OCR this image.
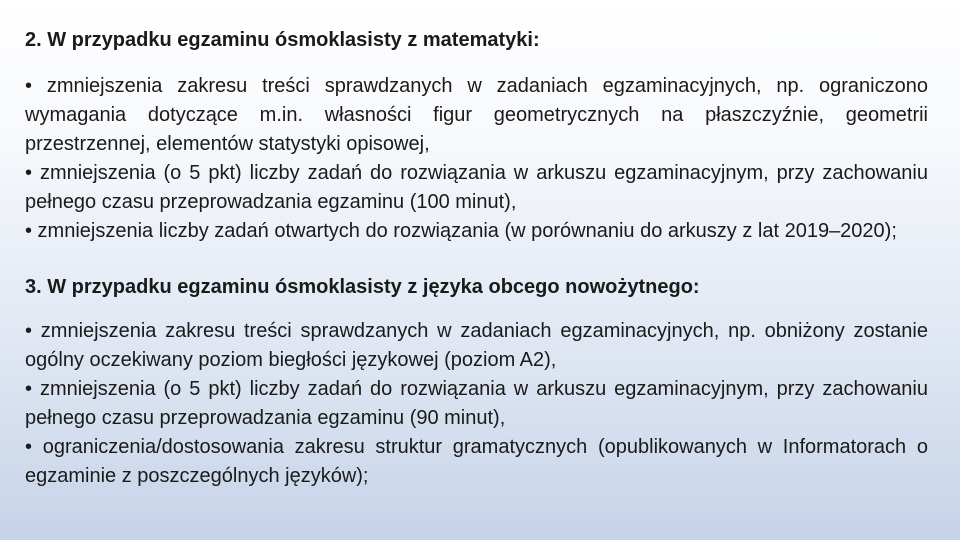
2. W przypadku egzaminu ósmoklasisty z matematyki:

• zmniejszenia zakresu treści sprawdzanych w zadaniach egzaminacyjnych, np. ograniczono wymagania dotyczące m.in. własności figur geometrycznych na płaszczyźnie, geometrii przestrzennej, elementów statystyki opisowej,

• zmniejszenia (o 5 pkt) liczby zadań do rozwiązania w arkuszu egzaminacyjnym, przy zachowaniu pełnego czasu przeprowadzania egzaminu (100 minut),

• zmniejszenia liczby zadań otwartych do rozwiązania (w porównaniu do arkuszy z lat 2019–2020);

3. W przypadku egzaminu ósmoklasisty z języka obcego nowożytnego:

• zmniejszenia zakresu treści sprawdzanych w zadaniach egzaminacyjnych, np. obniżony zostanie ogólny oczekiwany poziom biegłości językowej (poziom A2),

• zmniejszenia (o 5 pkt) liczby zadań do rozwiązania w arkuszu egzaminacyjnym, przy zachowaniu pełnego czasu przeprowadzania egzaminu (90 minut),

• ograniczenia/dostosowania zakresu struktur gramatycznych (opublikowanych w Informatorach o egzaminie z poszczególnych języków);
